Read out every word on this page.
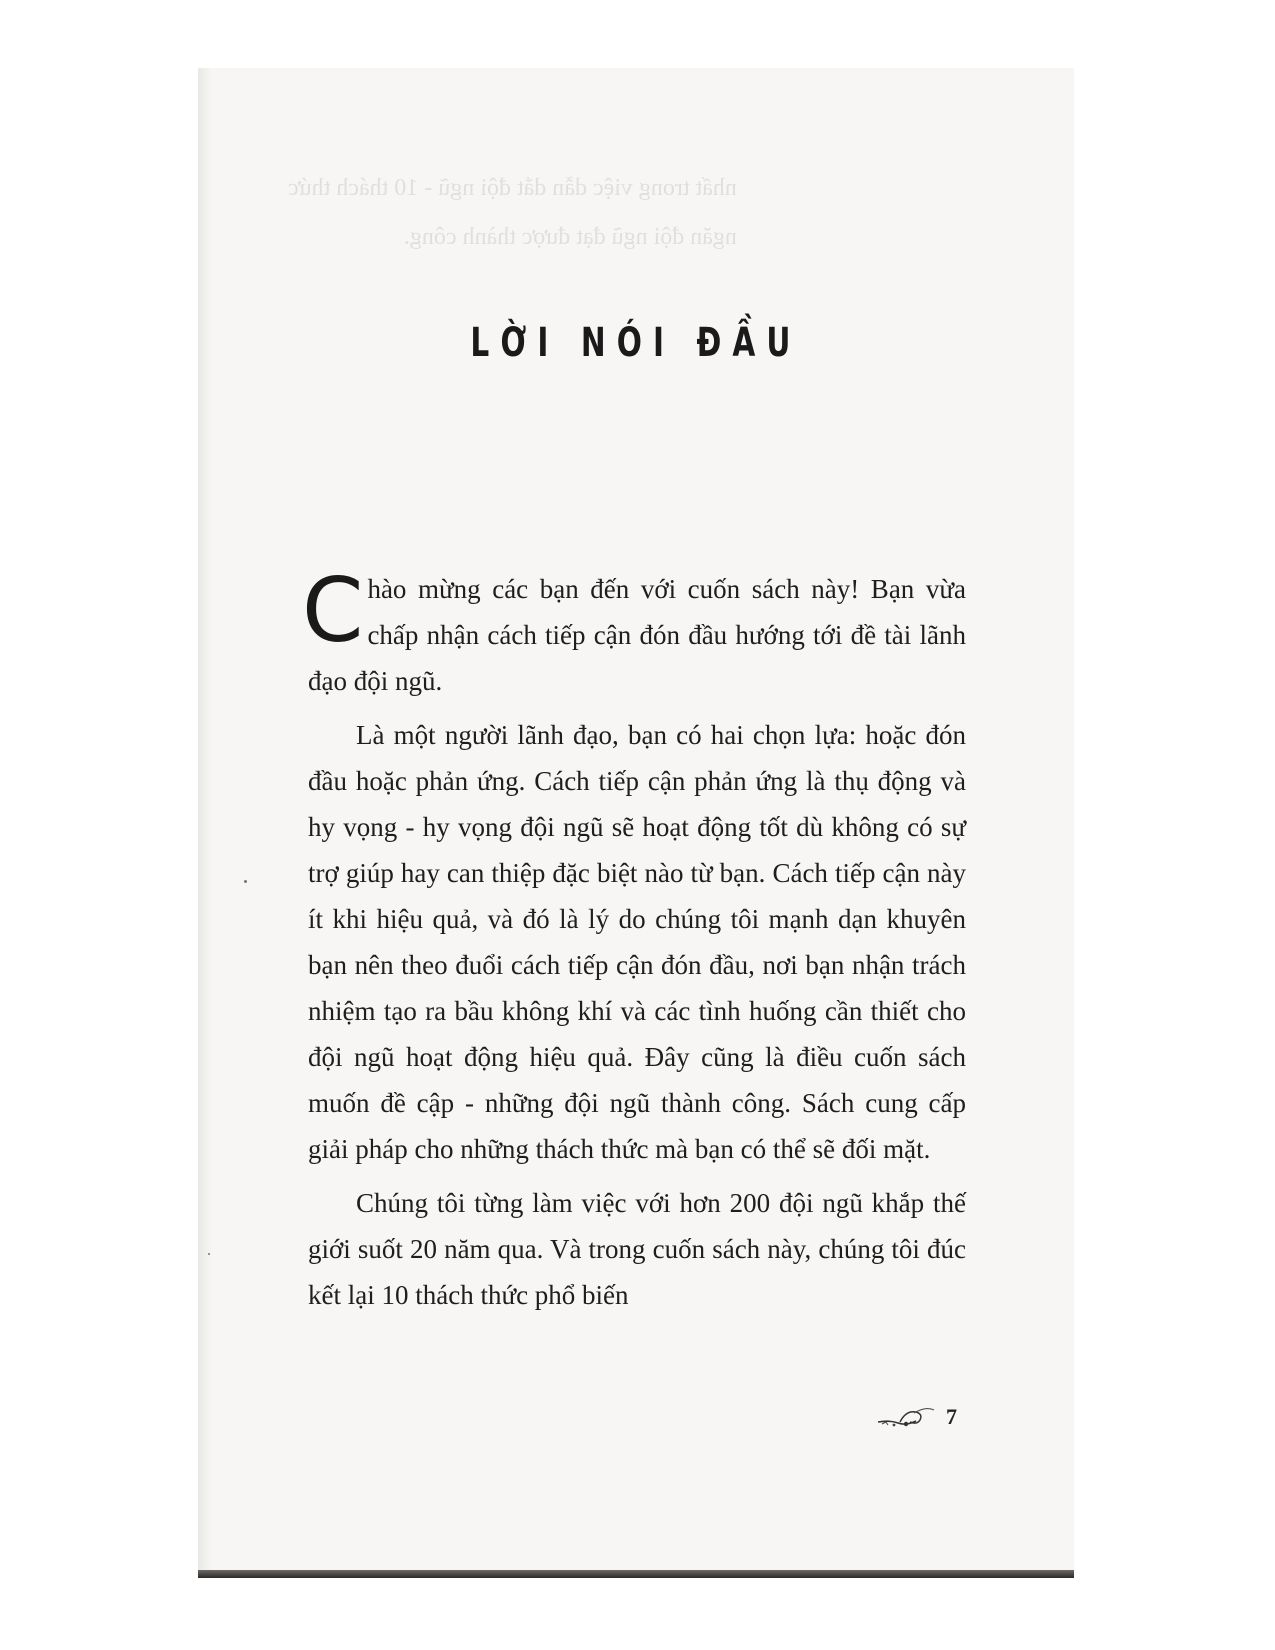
nhất trong việc dẫn dắt đội ngũ - 10 thách thức
ngăn đội ngũ đạt được thành công.
LỜI NÓI ĐẦU

Chào mừng các bạn đến với cuốn sách này! Bạn vừa chấp nhận cách tiếp cận đón đầu hướng tới đề tài lãnh đạo đội ngũ.

Là một người lãnh đạo, bạn có hai chọn lựa: hoặc đón đầu hoặc phản ứng. Cách tiếp cận phản ứng là thụ động và hy vọng - hy vọng đội ngũ sẽ hoạt động tốt dù không có sự trợ giúp hay can thiệp đặc biệt nào từ bạn. Cách tiếp cận này ít khi hiệu quả, và đó là lý do chúng tôi mạnh dạn khuyên bạn nên theo đuổi cách tiếp cận đón đầu, nơi bạn nhận trách nhiệm tạo ra bầu không khí và các tình huống cần thiết cho đội ngũ hoạt động hiệu quả. Đây cũng là điều cuốn sách muốn đề cập - những đội ngũ thành công. Sách cung cấp giải pháp cho những thách thức mà bạn có thể sẽ đối mặt.

Chúng tôi từng làm việc với hơn 200 đội ngũ khắp thế giới suốt 20 năm qua. Và trong cuốn sách này, chúng tôi đúc kết lại 10 thách thức phổ biến

7
